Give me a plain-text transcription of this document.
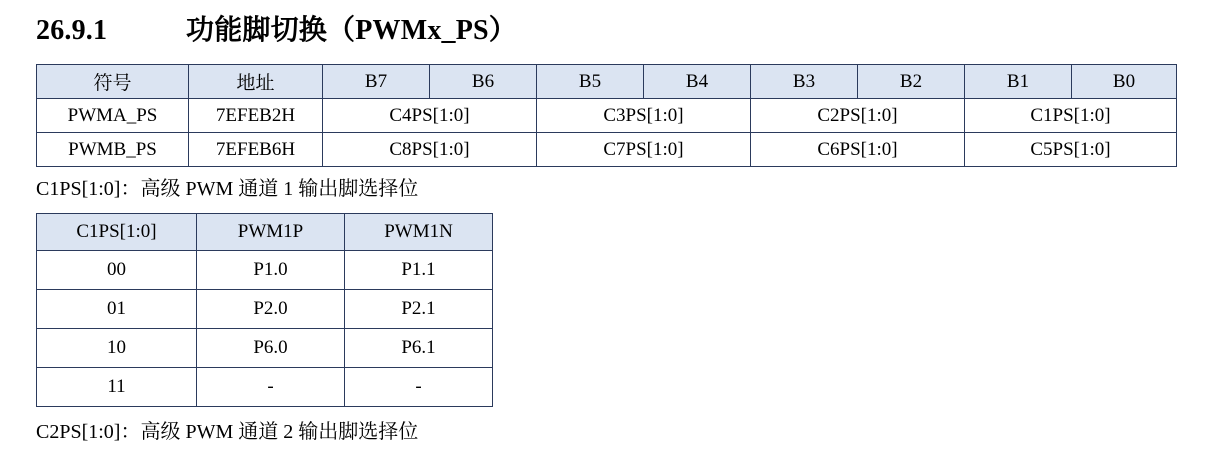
26.9.1	功能脚切换（PWMx_PS）
符号	地址	B7	B6	B5	B4	B3	B2	B1	B0
PWMA_PS	7EFEB2H	C4PS[1:0]		C3PS[1:0]		C2PS[1:0]		C1PS[1:0]	
PWMB_PS	7EFEB6H	C8PS[1:0]		C7PS[1:0]		C6PS[1:0]		C5PS[1:0]	
C1PS[1:0]：高级 PWM 通道 1 输出脚选择位
C1PS[1:0]	PWM1P	PWM1N
00	P1.0	P1.1
01	P2.0	P2.1
10	P6.0	P6.1
11	-	-
C2PS[1:0]：高级 PWM 通道 2 输出脚选择位
